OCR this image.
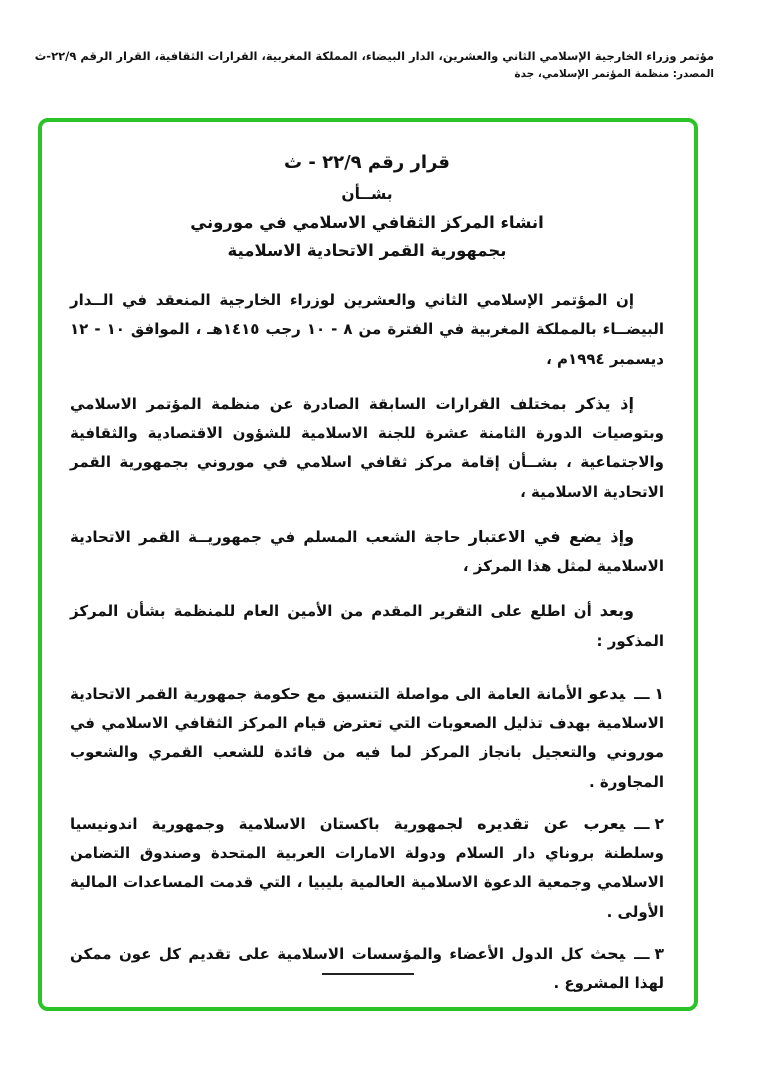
مؤتمر وزراء الخارجية الإسلامي الثاني والعشرين، الدار البيضاء، المملكة المغربية، القرارات الثقافية، القرار الرقم ٢٢/٩-ث
المصدر: منظمة المؤتمر الإسلامي، جدة
قرار رقم ٢٢/٩ - ث
بشــأن
انشاء المركز الثقافي الاسلامي في موروني
بجمهورية القمر الاتحادية الاسلامية

إن المؤتمر الإسلامي الثاني والعشرين لوزراء الخارجية المنعقد في الــدار البيضــاء بالمملكة المغربية في الفترة من ٨ - ١٠ رجب ١٤١٥هـ ، الموافق ١٠ - ١٢ ديسمبر ١٩٩٤م ،

إذ يذكر بمختلف القرارات السابقة الصادرة عن منظمة المؤتمر الاسلامي وبتوصيات الدورة الثامنة عشرة للجنة الاسلامية للشؤون الاقتصادية والثقافية والاجتماعية ، بشــأن إقامة مركز ثقافي اسلامي في موروني بجمهورية القمر الاتحادية الاسلامية ،

وإذ يضع في الاعتبار حاجة الشعب المسلم في جمهوريــة القمر الاتحادية الاسلامية لمثل هذا المركز ،

وبعد أن اطلع على التقرير المقدم من الأمين العام للمنظمة بشأن المركز المذكور :

١ـــيدعو الأمانة العامة الى مواصلة التنسيق مع حكومة جمهورية القمر الاتحادية الاسلامية بهدف تذليل الصعوبات التي تعترض قيام المركز الثقافي الاسلامي في موروني والتعجيل بانجاز المركز لما فيه من فائدة للشعب القمري والشعوب المجاورة .
٢ـــيعرب عن تقديره لجمهورية باكستان الاسلامية وجمهورية اندونيسيا وسلطنة بروناي دار السلام ودولة الامارات العربية المتحدة وصندوق التضامن الاسلامي وجمعية الدعوة الاسلامية العالمية بليبيا ، التي قدمت المساعدات المالية الأولى .
٣ـــيحث كل الدول الأعضاء والمؤسسات الاسلامية على تقديم كل عون ممكن لهذا المشروع .
